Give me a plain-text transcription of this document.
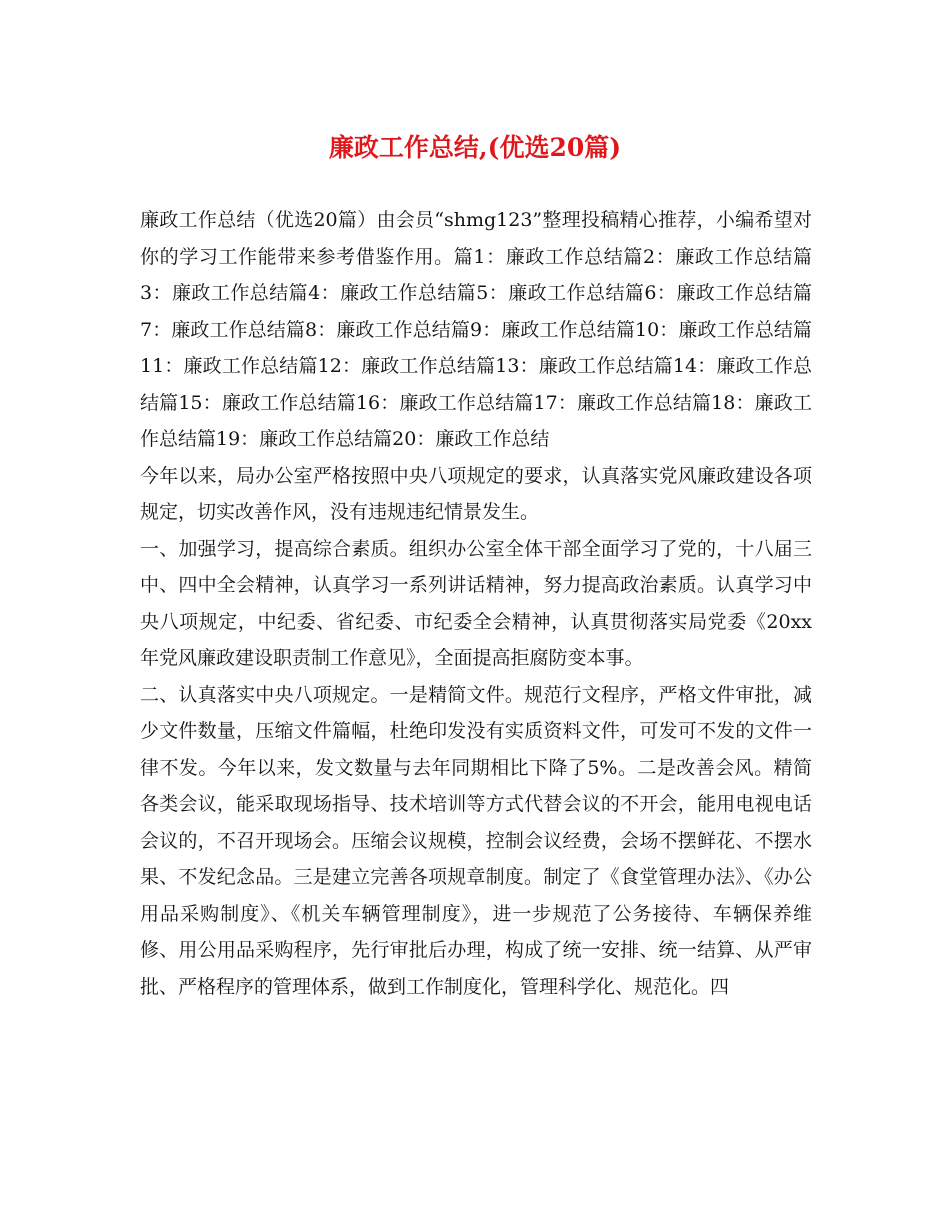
廉政工作总结,(优选20篇)

廉政工作总结（优选20篇）由会员“shmg123”整理投稿精心推荐，小编希望对你的学习工作能带来参考借鉴作用。篇1：廉政工作总结篇2：廉政工作总结篇3：廉政工作总结篇4：廉政工作总结篇5：廉政工作总结篇6：廉政工作总结篇7：廉政工作总结篇8：廉政工作总结篇9：廉政工作总结篇10：廉政工作总结篇11：廉政工作总结篇12：廉政工作总结篇13：廉政工作总结篇14：廉政工作总结篇15：廉政工作总结篇16：廉政工作总结篇17：廉政工作总结篇18：廉政工作总结篇19：廉政工作总结篇20：廉政工作总结

今年以来，局办公室严格按照中央八项规定的要求，认真落实党风廉政建设各项规定，切实改善作风，没有违规违纪情景发生。

一、加强学习，提高综合素质。组织办公室全体干部全面学习了党的，十八届三中、四中全会精神，认真学习一系列讲话精神，努力提高政治素质。认真学习中央八项规定，中纪委、省纪委、市纪委全会精神，认真贯彻落实局党委《20xx年党风廉政建设职责制工作意见》，全面提高拒腐防变本事。

二、认真落实中央八项规定。一是精简文件。规范行文程序，严格文件审批，减少文件数量，压缩文件篇幅，杜绝印发没有实质资料文件，可发可不发的文件一律不发。今年以来，发文数量与去年同期相比下降了5%。二是改善会风。精简各类会议，能采取现场指导、技术培训等方式代替会议的不开会，能用电视电话会议的，不召开现场会。压缩会议规模，控制会议经费，会场不摆鲜花、不摆水果、不发纪念品。三是建立完善各项规章制度。制定了《食堂管理办法》、《办公用品采购制度》、《机关车辆管理制度》，进一步规范了公务接待、车辆保养维修、用公用品采购程序，先行审批后办理，构成了统一安排、统一结算、从严审批、严格程序的管理体系，做到工作制度化，管理科学化、规范化。四
